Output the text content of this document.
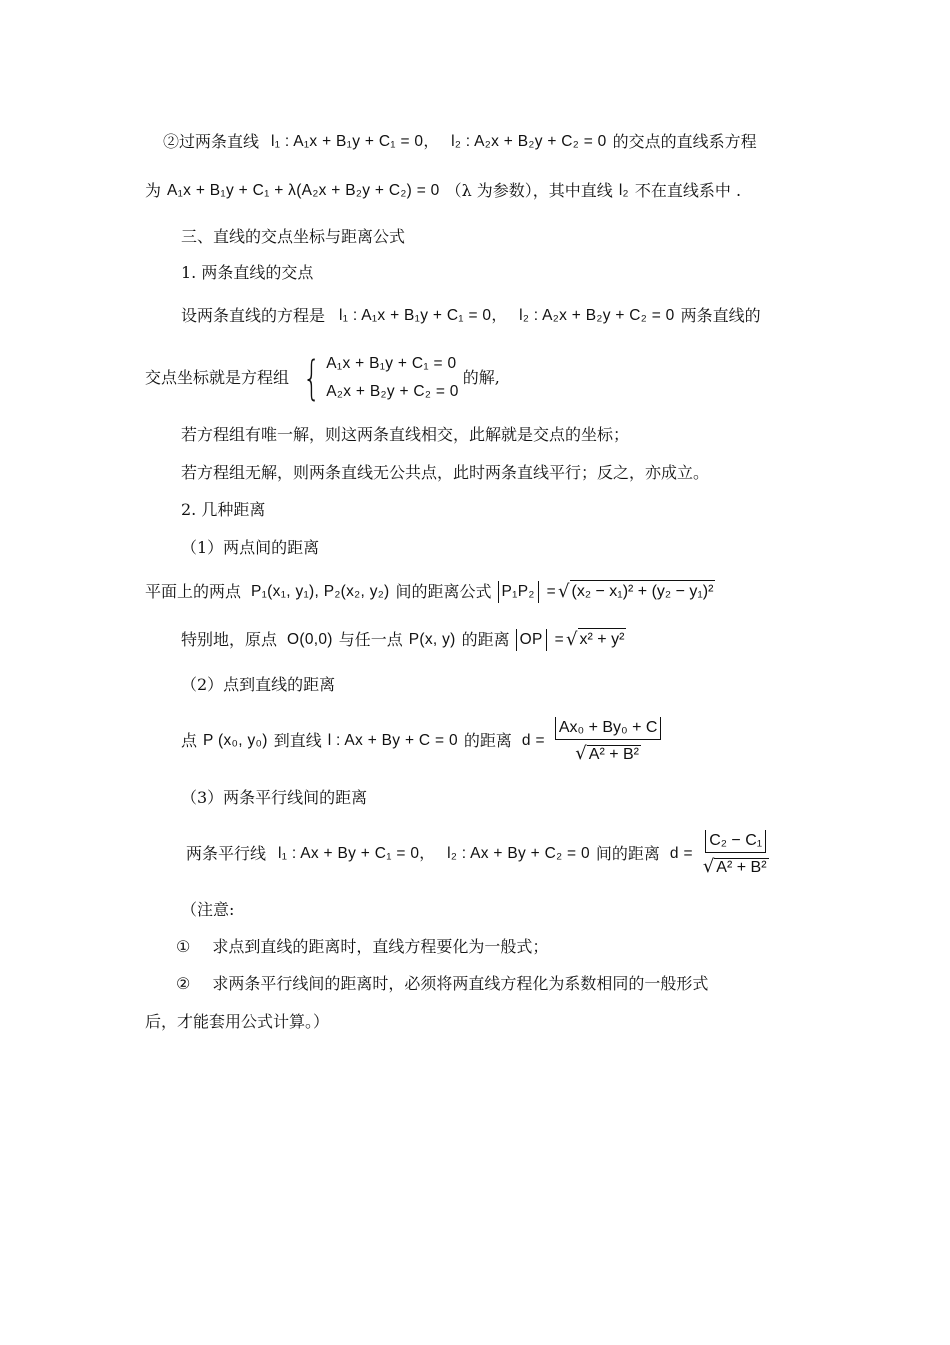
②过两条直线 l₁ : A₁x + B₁y + C₁ = 0， l₂ : A₂x + B₂y + C₂ = 0 的交点的直线系方程
为 A₁x + B₁y + C₁ + λ(A₂x + B₂y + C₂) = 0 （λ 为参数），其中直线 l₂ 不在直线系中 .
三、直线的交点坐标与距离公式
1. 两条直线的交点
设两条直线的方程是 l₁ : A₁x + B₁y + C₁ = 0， l₂ : A₂x + B₂y + C₂ = 0 两条直线的
交点坐标就是方程组 { A₁x + B₁y + C₁ = 0
A₂x + B₂y + C₂ = 0
的解,
若方程组有唯一解，则这两条直线相交，此解就是交点的坐标；
若方程组无解，则两条直线无公共点，此时两条直线平行；反之，亦成立。
2. 几种距离
（1）两点间的距离
平面上的两点 P₁(x₁, y₁), P₂(x₂, y₂) 间的距离公式 P₁P₂ = √ (x₂ − x₁)² + (y₂ − y₁)²
特别地，原点 O(0,0) 与任一点 P(x, y) 的距离 OP = √ x² + y²
（2）点到直线的距离
点 P (x₀, y₀) 到直线 l : Ax + By + C = 0 的距离 $d = \frac{\text{Ax₀ + By₀ + C}}{\text{√ A² + B²}}$
（3）两条平行线间的距离
两条平行线 l₁ : Ax + By + C₁ = 0， l₂ : Ax + By + C₂ = 0 间的距离 $d = \frac{\text{C₂ − C₁}}{\text{√ A² + B²}}$
（注意:
① 求点到直线的距离时，直线方程要化为一般式；
② 求两条平行线间的距离时，必须将两直线方程化为系数相同的一般形式
后，才能套用公式计算。）
